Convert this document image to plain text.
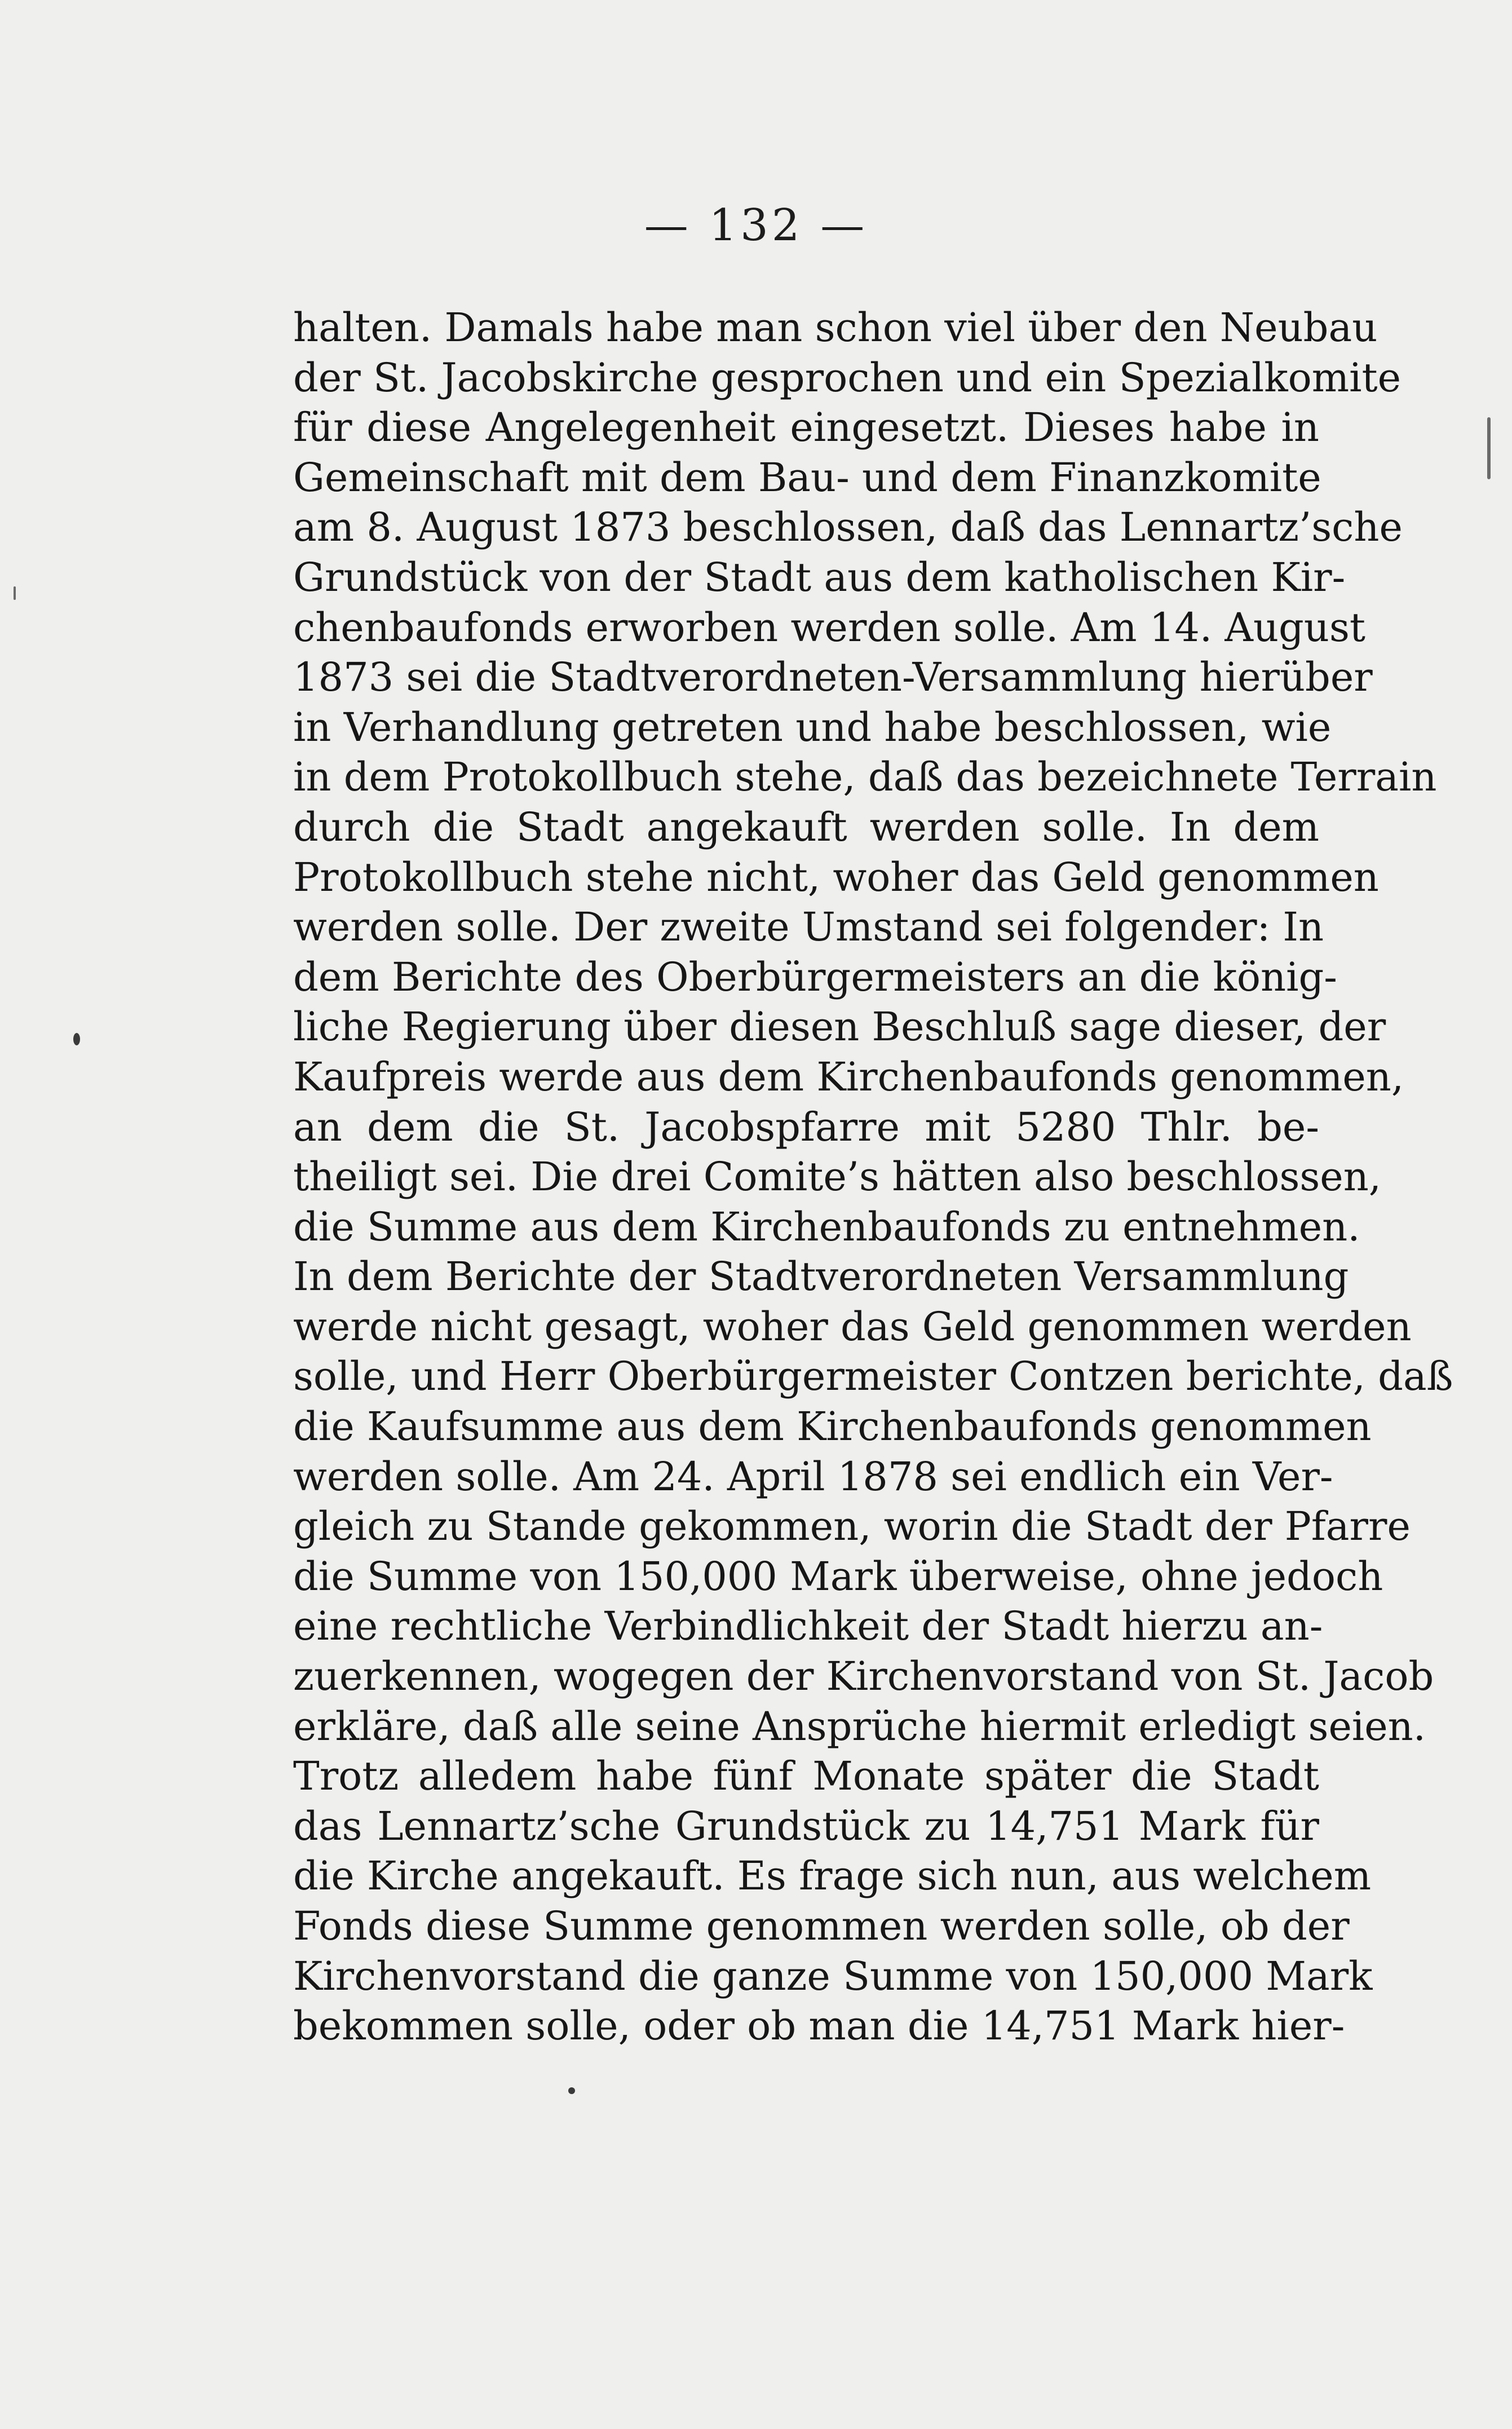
— 132 —
halten. Damals habe man schon viel über den Neubau
der St. Jacobskirche gesprochen und ein Spezialkomite
für diese Angelegenheit eingesetzt. Dieses habe in
Gemeinschaft mit dem Bau- und dem Finanzkomite
am 8. August 1873 beschlossen, daß das Lennartz’sche
Grundstück von der Stadt aus dem katholischen Kir-
chenbaufonds erworben werden solle. Am 14. August
1873 sei die Stadtverordneten-Versammlung hierüber
in Verhandlung getreten und habe beschlossen, wie
in dem Protokollbuch stehe, daß das bezeichnete Terrain
durch die Stadt angekauft werden solle. In dem
Protokollbuch stehe nicht, woher das Geld genommen
werden solle. Der zweite Umstand sei folgender: In
dem Berichte des Oberbürgermeisters an die könig-
liche Regierung über diesen Beschluß sage dieser, der
Kaufpreis werde aus dem Kirchenbaufonds genommen,
an dem die St. Jacobspfarre mit 5280 Thlr. be-
theiligt sei. Die drei Comite’s hätten also beschlossen,
die Summe aus dem Kirchenbaufonds zu entnehmen.
In dem Berichte der Stadtverordneten Versammlung
werde nicht gesagt, woher das Geld genommen werden
solle, und Herr Oberbürgermeister Contzen berichte, daß
die Kaufsumme aus dem Kirchenbaufonds genommen
werden solle. Am 24. April 1878 sei endlich ein Ver-
gleich zu Stande gekommen, worin die Stadt der Pfarre
die Summe von 150,000 Mark überweise, ohne jedoch
eine rechtliche Verbindlichkeit der Stadt hierzu an-
zuerkennen, wogegen der Kirchenvorstand von St. Jacob
erkläre, daß alle seine Ansprüche hiermit erledigt seien.
Trotz alledem habe fünf Monate später die Stadt
das Lennartz’sche Grundstück zu 14,751 Mark für
die Kirche angekauft. Es frage sich nun, aus welchem
Fonds diese Summe genommen werden solle, ob der
Kirchenvorstand die ganze Summe von 150,000 Mark
bekommen solle, oder ob man die 14,751 Mark hier-
